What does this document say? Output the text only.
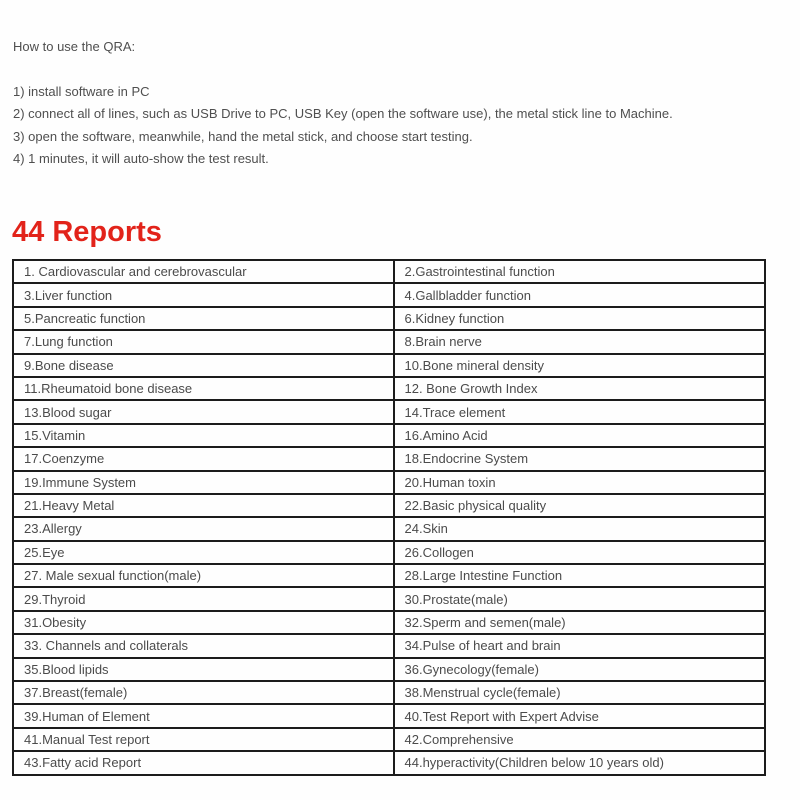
How to use the QRA:

1) install software in PC
2) connect all of lines, such as USB Drive to PC, USB Key (open the software use), the metal stick line to Machine.
3) open the software, meanwhile, hand the metal stick, and choose start testing.
4) 1 minutes, it will auto-show the test result.
44 Reports
1. Cardiovascular and cerebrovascular	2.Gastrointestinal function
3.Liver function	4.Gallbladder function
5.Pancreatic function	6.Kidney function
7.Lung function	8.Brain nerve
9.Bone disease	10.Bone mineral density
11.Rheumatoid bone disease	12. Bone Growth Index
13.Blood sugar	14.Trace element
15.Vitamin	16.Amino Acid
17.Coenzyme	18.Endocrine System
19.Immune System	20.Human toxin
21.Heavy Metal	22.Basic physical quality
23.Allergy	24.Skin
25.Eye	26.Collogen
27. Male sexual function(male)	28.Large Intestine Function
29.Thyroid	30.Prostate(male)
31.Obesity	32.Sperm and semen(male)
33. Channels and collaterals	34.Pulse of heart and brain
35.Blood lipids	36.Gynecology(female)
37.Breast(female)	38.Menstrual cycle(female)
39.Human of Element	40.Test Report with Expert Advise
41.Manual Test report	42.Comprehensive
43.Fatty acid Report	44.hyperactivity(Children below 10 years old)
